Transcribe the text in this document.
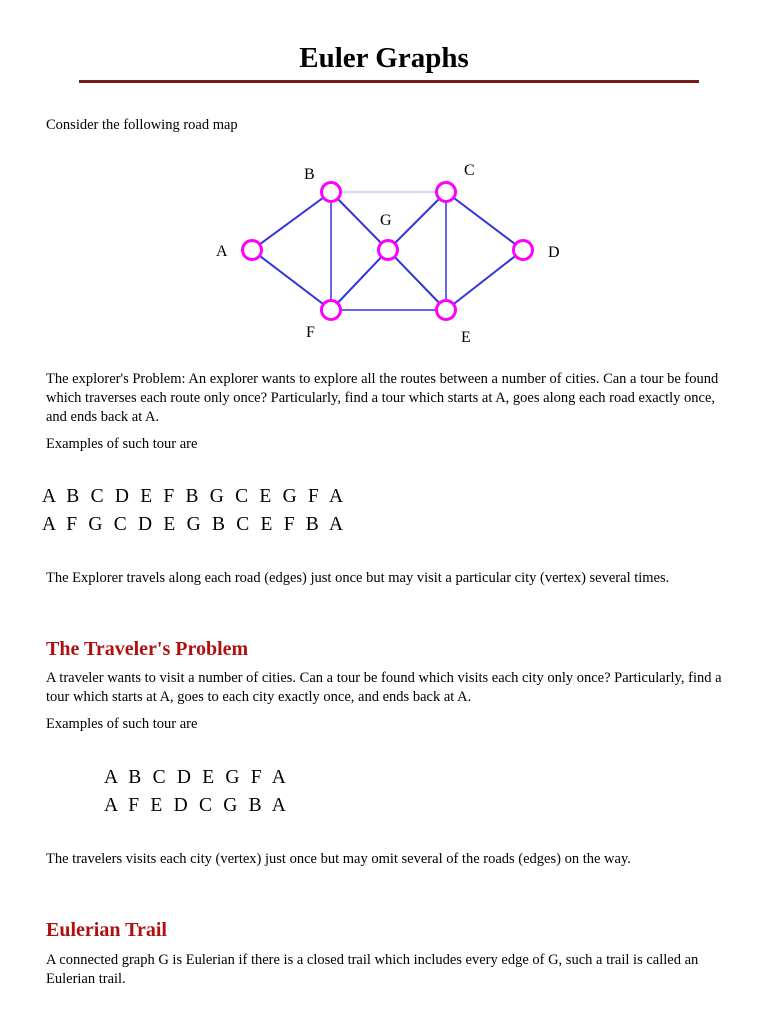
Euler Graphs

Consider the following road map

A
B	C
D
E
F
G

The explorer's Problem: An explorer wants to explore all the routes between a number of cities. Can a tour be found which traverses each route only once? Particularly, find a tour which starts at A, goes along each road exactly once, and ends back at A.

Examples of such tour are

A B C D E F B G C E G F A
A F G C D E G B C E F B A

The Explorer travels along each road (edges) just once but may visit a particular city (vertex) several times.

The Traveler's Problem

A traveler wants to visit a number of cities. Can a tour be found which visits each city only once? Particularly, find a tour which starts at A, goes to each city exactly once, and ends back at A.

Examples of such tour are

A B C D E G F A
A F E D C G B A

The travelers visits each city (vertex) just once but may omit several of the roads (edges) on the way.

Eulerian Trail

A connected graph G is Eulerian if there is a closed trail which includes every edge of G, such a trail is called an Eulerian trail.
